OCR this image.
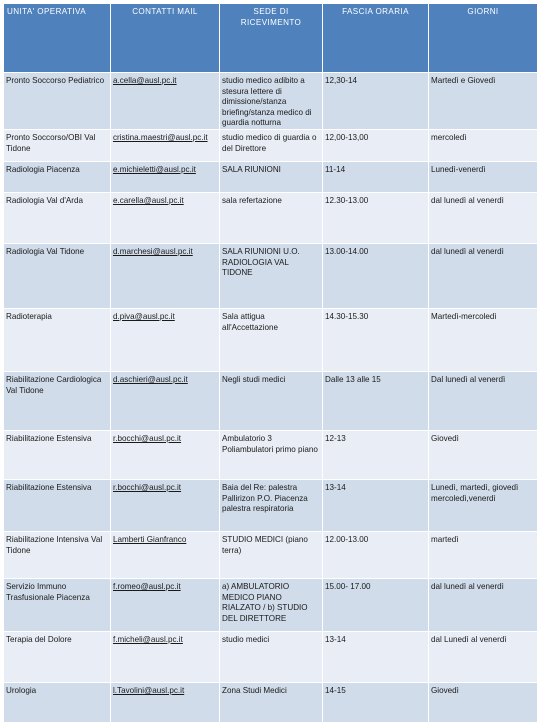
UNITA' OPERATIVA	CONTATTI MAIL	SEDE DI RICEVIMENTO	FASCIA ORARIA	GIORNI
Pronto Soccorso Pediatrico	a.cella@ausl.pc.it	studio medico adibito a stesura lettere di dimissione/stanza briefing/stanza medico di guardia notturna	12,30-14	Martedì e Giovedì
Pronto Soccorso/OBI Val Tidone	cristina.maestri@ausl.pc.it	studio medico di guardia o del Direttore	12,00-13,00	mercoledì
Radiologia Piacenza	e.michieletti@ausl.pc.it	SALA RIUNIONI	11-14	Lunedì-venerdì
Radiologia Val d'Arda	e.carella@ausl.pc.it	sala refertazione	12.30-13.00	dal lunedì al venerdì
Radiologia Val Tidone	d.marchesi@ausl.pc.it	SALA RIUNIONI U.O. RADIOLOGIA VAL TIDONE	13.00-14.00	dal lunedì al venerdì
Radioterapia	d.piva@ausl.pc.it	Sala attigua all'Accettazione	14.30-15.30	Martedì-mercoledì
Riabilitazione Cardiologica Val Tidone	d.aschieri@ausl.pc.it	Negli studi medici	Dalle 13 alle 15	Dal lunedì al venerdì
Riabilitazione Estensiva	r.bocchi@ausl.pc.it	Ambulatorio 3 Poliambulatori primo piano	12-13	Giovedì
Riabilitazione Estensiva	r.bocchi@ausl.pc.it	Baia del Re: palestra Pallirizon P.O. Piacenza palestra respiratoria	13-14	Lunedì, martedì, giovedì mercoledì,venerdì
Riabilitazione Intensiva Val Tidone	Lamberti Gianfranco	STUDIO MEDICI (piano terra)	12.00-13.00	martedì
Servizio Immuno Trasfusionale Piacenza	f.romeo@ausl.pc.it	a) AMBULATORIO MEDICO PIANO RIALZATO / b) STUDIO DEL DIRETTORE	15.00- 17.00	dal lunedì al venerdì
Terapia del Dolore	f.micheli@ausl.pc.it	studio medici	13-14	dal Lunedì al venerdì
Urologia	l.Tavolini@ausl.pc.it	Zona Studi Medici	14-15	Giovedì
